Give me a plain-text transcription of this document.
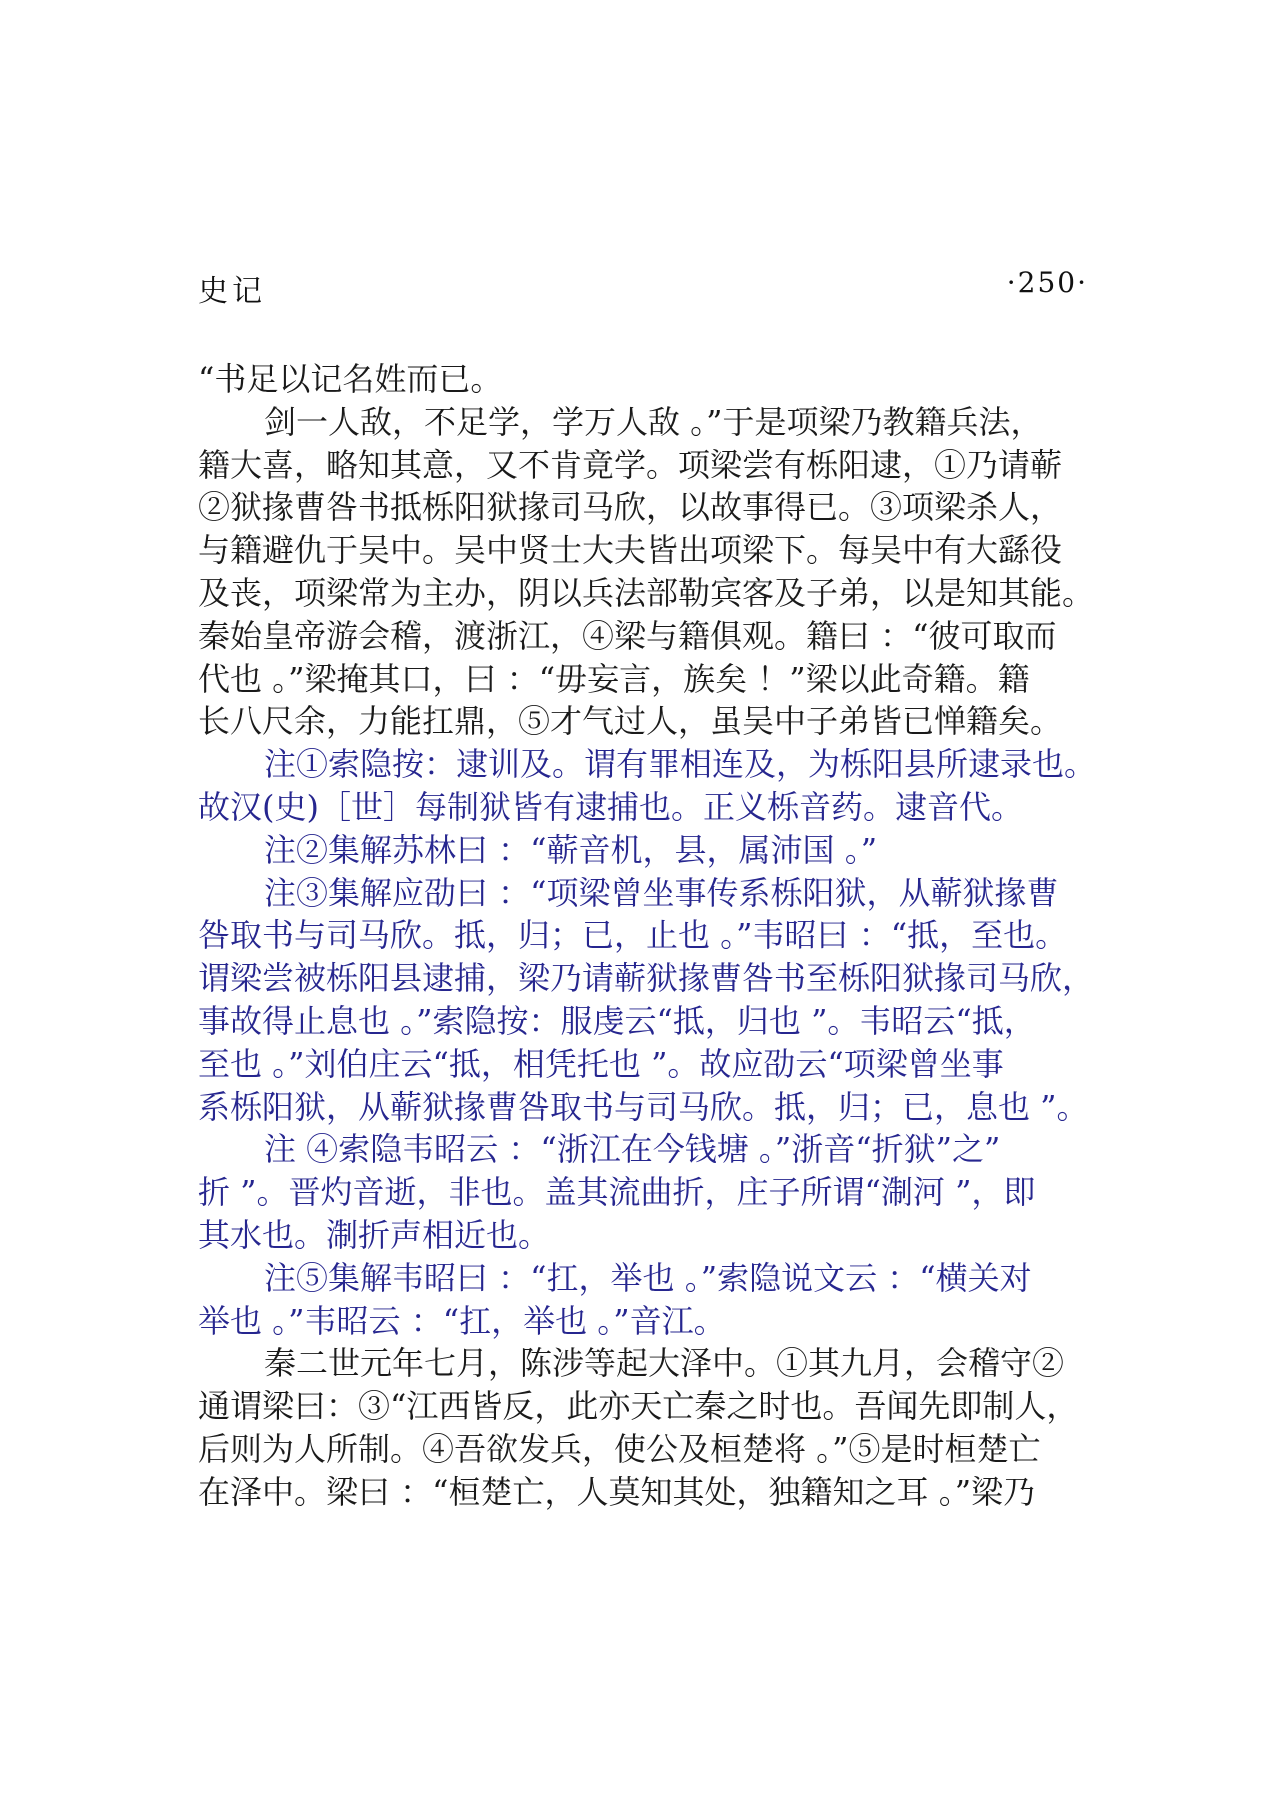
史记	·250·
“书足以记名姓而已。
剑一人敌，不足学，学万人敌 。”于是项梁乃教籍兵法，
籍大喜，略知其意，又不肯竟学。项梁尝有栎阳逮，①乃请蕲
②狱掾曹咎书抵栎阳狱掾司马欣，以故事得已。③项梁杀人，
与籍避仇于吴中。吴中贤士大夫皆出项梁下。每吴中有大繇役
及丧，项梁常为主办，阴以兵法部勒宾客及子弟，以是知其能。
秦始皇帝游会稽，渡浙江，④梁与籍俱观。籍曰 ：“彼可取而
代也 。”梁掩其口，曰 ：“毋妄言，族矣 ！”梁以此奇籍。籍
长八尺余，力能扛鼎，⑤才气过人，虽吴中子弟皆已惮籍矣。
注①索隐按：逮训及。谓有罪相连及，为栎阳县所逮录也。
故汉(史)［世］每制狱皆有逮捕也。正义栎音药。逮音代。
注②集解苏林曰 ：“蕲音机，县，属沛国 。”
注③集解应劭曰 ：“项梁曾坐事传系栎阳狱，从蕲狱掾曹
咎取书与司马欣。抵，归；已，止也 。”韦昭曰 ：“抵，至也。
谓梁尝被栎阳县逮捕，梁乃请蕲狱掾曹咎书至栎阳狱掾司马欣，
事故得止息也 。”索隐按：服虔云“抵，归也 ”。韦昭云“抵，
至也 。”刘伯庄云“抵，相凭托也 ”。故应劭云“项梁曾坐事
系栎阳狱，从蕲狱掾曹咎取书与司马欣。抵，归；已，息也 ”。
注 ④索隐韦昭云 ：“浙江在今钱塘 。”浙音“折狱”之”
折 ”。晋灼音逝，非也。盖其流曲折，庄子所谓“淛河 ”，即
其水也。淛折声相近也。
注⑤集解韦昭曰 ：“扛，举也 。”索隐说文云 ：“横关对
举也 。”韦昭云 ：“扛，举也 。”音江。
秦二世元年七月，陈涉等起大泽中。①其九月，会稽守②
通谓梁曰：③“江西皆反，此亦天亡秦之时也。吾闻先即制人，
后则为人所制。④吾欲发兵，使公及桓楚将 。”⑤是时桓楚亡
在泽中。梁曰 ：“桓楚亡，人莫知其处，独籍知之耳 。”梁乃
